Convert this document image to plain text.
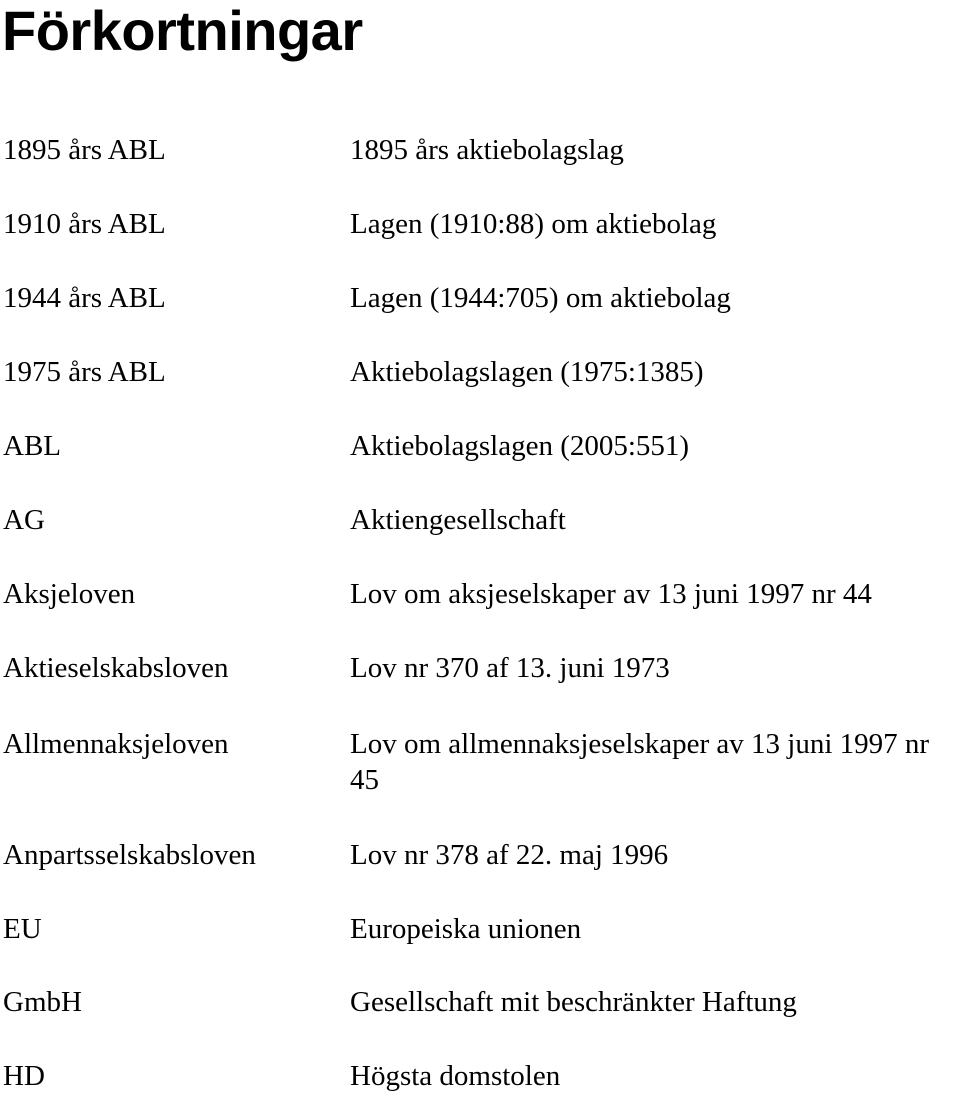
Förkortningar
1895 års ABL	1895 års aktiebolagslag
1910 års ABL	Lagen (1910:88) om aktiebolag
1944 års ABL	Lagen (1944:705) om aktiebolag
1975 års ABL	Aktiebolagslagen (1975:1385)
ABL	Aktiebolagslagen (2005:551)
AG	Aktiengesellschaft
Aksjeloven	Lov om aksjeselskaper av 13 juni 1997 nr 44
Aktieselskabsloven	Lov nr 370 af 13. juni 1973
Allmennaksjeloven	Lov om allmennaksjeselskaper av 13 juni 1997 nr 45
Anpartsselskabsloven	Lov nr 378 af 22. maj 1996
EU	Europeiska unionen
GmbH	Gesellschaft mit beschränkter Haftung
HD	Högsta domstolen
